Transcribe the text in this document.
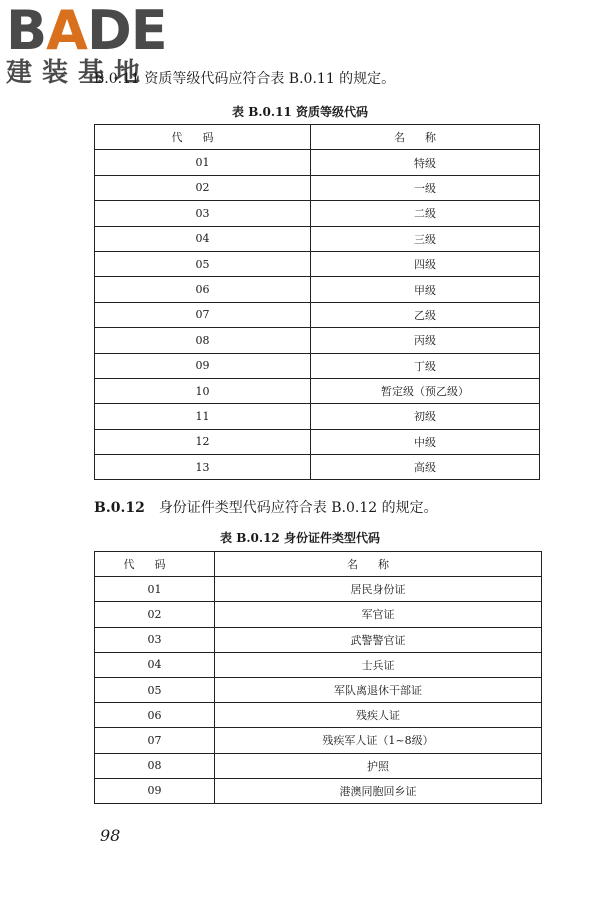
BADE
建装基地
B.0.11 资质等级代码应符合表 B.0.11 的规定。
表 B.0.11 资质等级代码
代码	名称
01	特级
02	一级
03	二级
04	三级
05	四级
06	甲级
07	乙级
08	丙级
09	丁级
10	暂定级（预乙级）
11	初级
12	中级
13	高级
B.0.12 身份证件类型代码应符合表 B.0.12 的规定。
表 B.0.12 身份证件类型代码
代码	名称
01	居民身份证
02	军官证
03	武警警官证
04	士兵证
05	军队离退休干部证
06	残疾人证
07	残疾军人证（1~8级）
08	护照
09	港澳同胞回乡证
98
